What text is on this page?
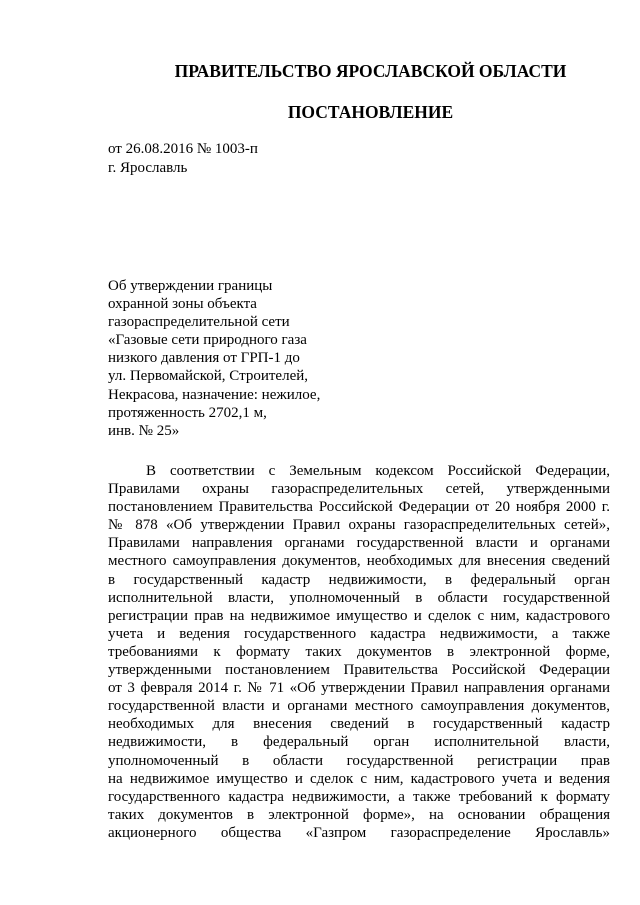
ПРАВИТЕЛЬСТВО ЯРОСЛАВСКОЙ ОБЛАСТИ
ПОСТАНОВЛЕНИЕ
от 26.08.2016 № 1003-п
г. Ярославль
Об утверждении границы
охранной зоны объекта
газораспределительной сети
«Газовые сети природного газа
низкого давления от ГРП-1 до
ул. Первомайской, Строителей,
Некрасова, назначение: нежилое,
протяженность 2702,1 м,
инв. № 25»
В соответствии с Земельным кодексом Российской Федерации,
Правилами охраны газораспределительных сетей, утвержденными
постановлением Правительства Российской Федерации от 20 ноября 2000 г.
№ 878 «Об утверждении Правил охраны газораспределительных сетей»,
Правилами направления органами государственной власти и органами
местного самоуправления документов, необходимых для внесения сведений
в государственный кадастр недвижимости, в федеральный орган
исполнительной власти, уполномоченный в области государственной
регистрации прав на недвижимое имущество и сделок с ним, кадастрового
учета и ведения государственного кадастра недвижимости, а также
требованиями к формату таких документов в электронной форме,
утвержденными постановлением Правительства Российской Федерации
от 3 февраля 2014 г. № 71 «Об утверждении Правил направления органами
государственной власти и органами местного самоуправления документов,
необходимых для внесения сведений в государственный кадастр
недвижимости, в федеральный орган исполнительной власти,
уполномоченный в области государственной регистрации прав
на недвижимое имущество и сделок с ним, кадастрового учета и ведения
государственного кадастра недвижимости, а также требований к формату
таких документов в электронной форме», на основании обращения
акционерного общества «Газпром газораспределение Ярославль»
